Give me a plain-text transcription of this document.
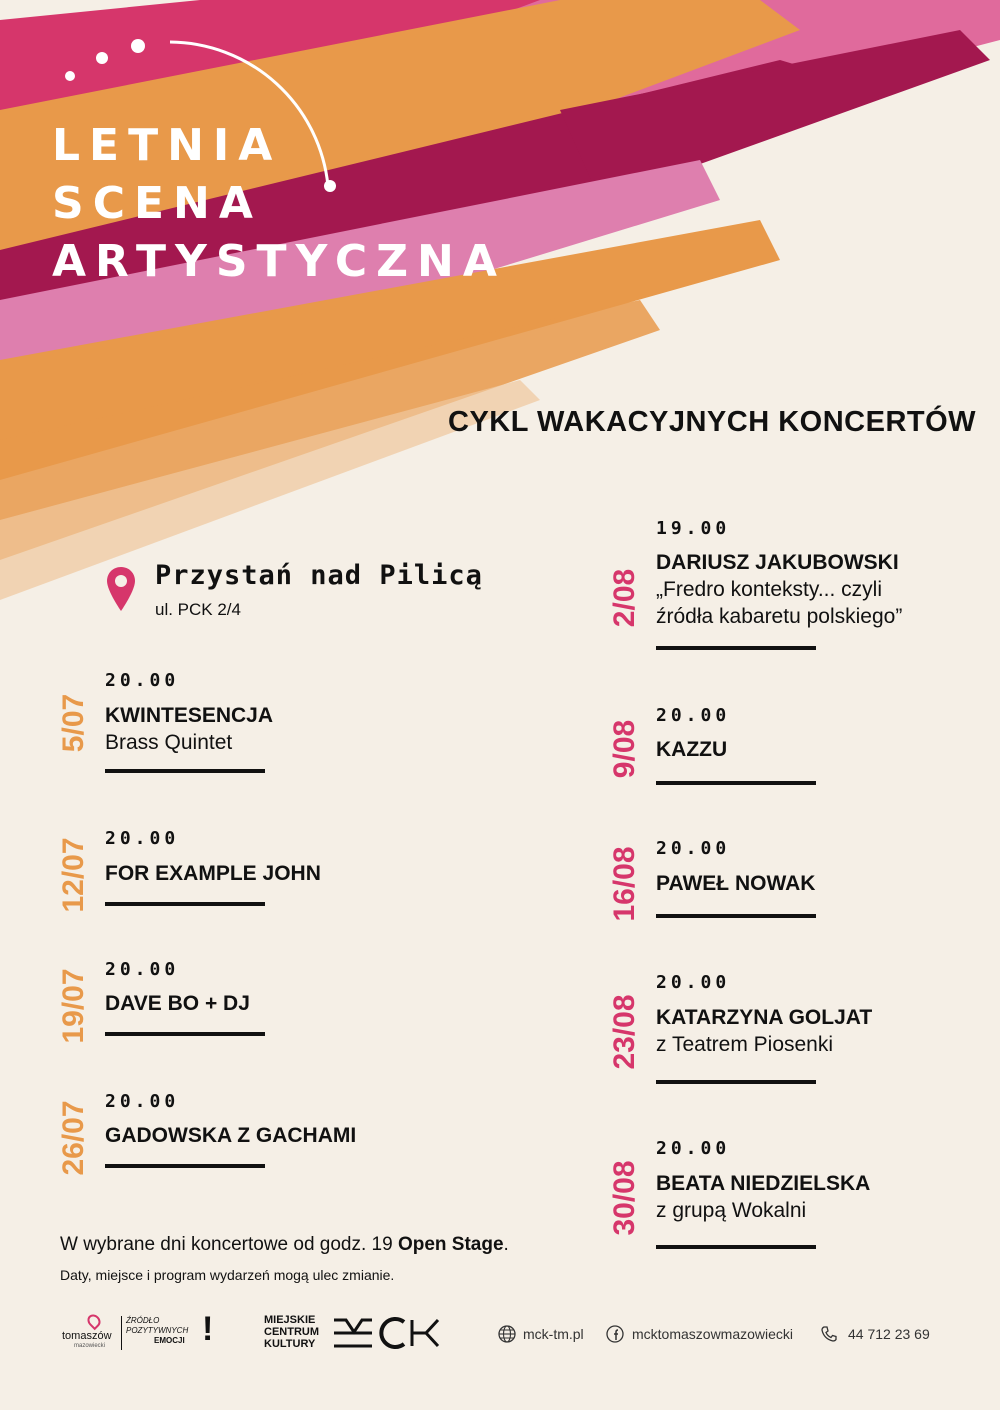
LETNIA
SCENA
ARTYSTYCZNA
CYKL WAKACYJNYCH KONCERTÓW
Przystań nad Pilicą
ul. PCK 2/4
5/07
20.00
KWINTESENCJA
Brass Quintet
12/07 20.00
FOR EXAMPLE JOHN
19/07 20.00
DAVE BO + DJ
26/07 20.00
GADOWSKA Z GACHAMI
2/08
19.00
DARIUSZ JAKUBOWSKI
„Fredro konteksty... czyli
źródła kabaretu polskiego”
9/08
20.00
KAZZU
16/08 20.00
PAWEŁ NOWAK
23/08
20.00
KATARZYNA GOLJAT
z Teatrem Piosenki
30/08
20.00
BEATA NIEDZIELSKA
z grupą Wokalni
W wybrane dni koncertowe od godz. 19 Open Stage.
Daty, miejsce i program wydarzeń mogą ulec zmianie.
tomaszów
mazowiecki
ŹRÓDŁO
POZYTYWNYCH
EMOCJI !	MIEJSKIE
CENTRUM
KULTURY
mck-tm.pl	mcktomaszowmazowiecki	44 712 23 69
